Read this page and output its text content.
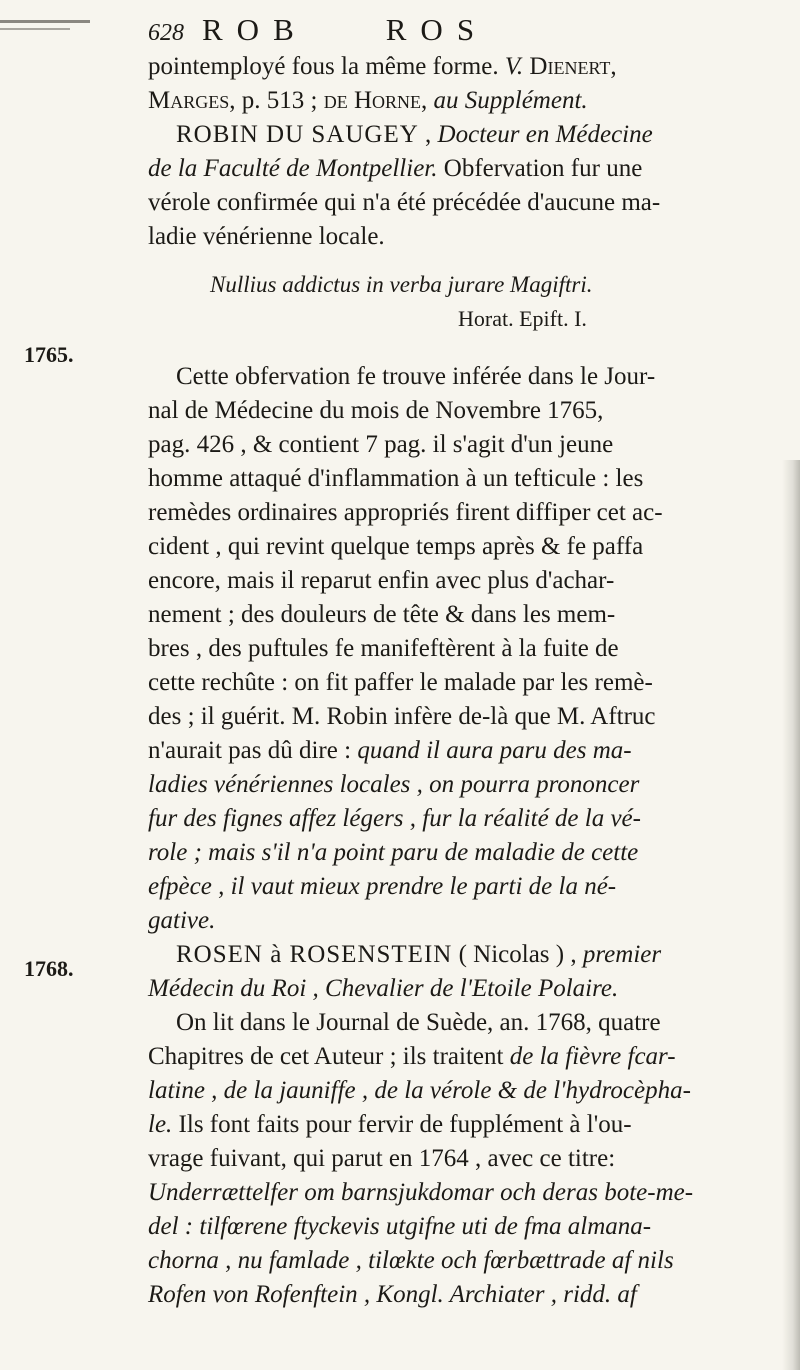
1765.
1768.
628 ROB	ROS
pointemployé fous la même forme. V. Dienert,
Marges, p. 513 ; de Horne, au Supplément.
ROBIN DU SAUGEY , Docteur en Médecine
de la Faculté de Montpellier. Obfervation fur une
vérole confirmée qui n'a été précédée d'aucune ma-
ladie vénérienne locale.
Nullius addictus in verba jurare Magiftri.
Horat. Epift. I.
Cette obfervation fe trouve inférée dans le Jour-
nal de Médecine du mois de Novembre 1765,
pag. 426 , & contient 7 pag. il s'agit d'un jeune
homme attaqué d'inflammation à un tefticule : les
remèdes ordinaires appropriés firent diffiper cet ac-
cident , qui revint quelque temps après & fe paffa
encore, mais il reparut enfin avec plus d'achar-
nement ; des douleurs de tête & dans les mem-
bres , des puftules fe manifeftèrent à la fuite de
cette rechûte : on fit paffer le malade par les remè-
des ; il guérit. M. Robin infère de-là que M. Aftruc
n'aurait pas dû dire : quand il aura paru des ma-
ladies vénériennes locales , on pourra prononcer
fur des fignes affez légers , fur la réalité de la vé-
role ; mais s'il n'a point paru de maladie de cette
efpèce , il vaut mieux prendre le parti de la né-
gative.
ROSEN à ROSENSTEIN ( Nicolas ) , premier
Médecin du Roi , Chevalier de l'Etoile Polaire.
On lit dans le Journal de Suède, an. 1768, quatre
Chapitres de cet Auteur ; ils traitent de la fièvre fcar-
latine , de la jauniffe , de la vérole & de l'hydrocèpha-
le. Ils font faits pour fervir de fupplément à l'ou-
vrage fuivant, qui parut en 1764 , avec ce titre:
Underrættelfer om barnsjukdomar och deras bote-me-
del : tilfœrene ftyckevis utgifne uti de fma almana-
chorna , nu famlade , tilœkte och fœrbættrade af nils
Rofen von Rofenftein , Kongl. Archiater , ridd. af
